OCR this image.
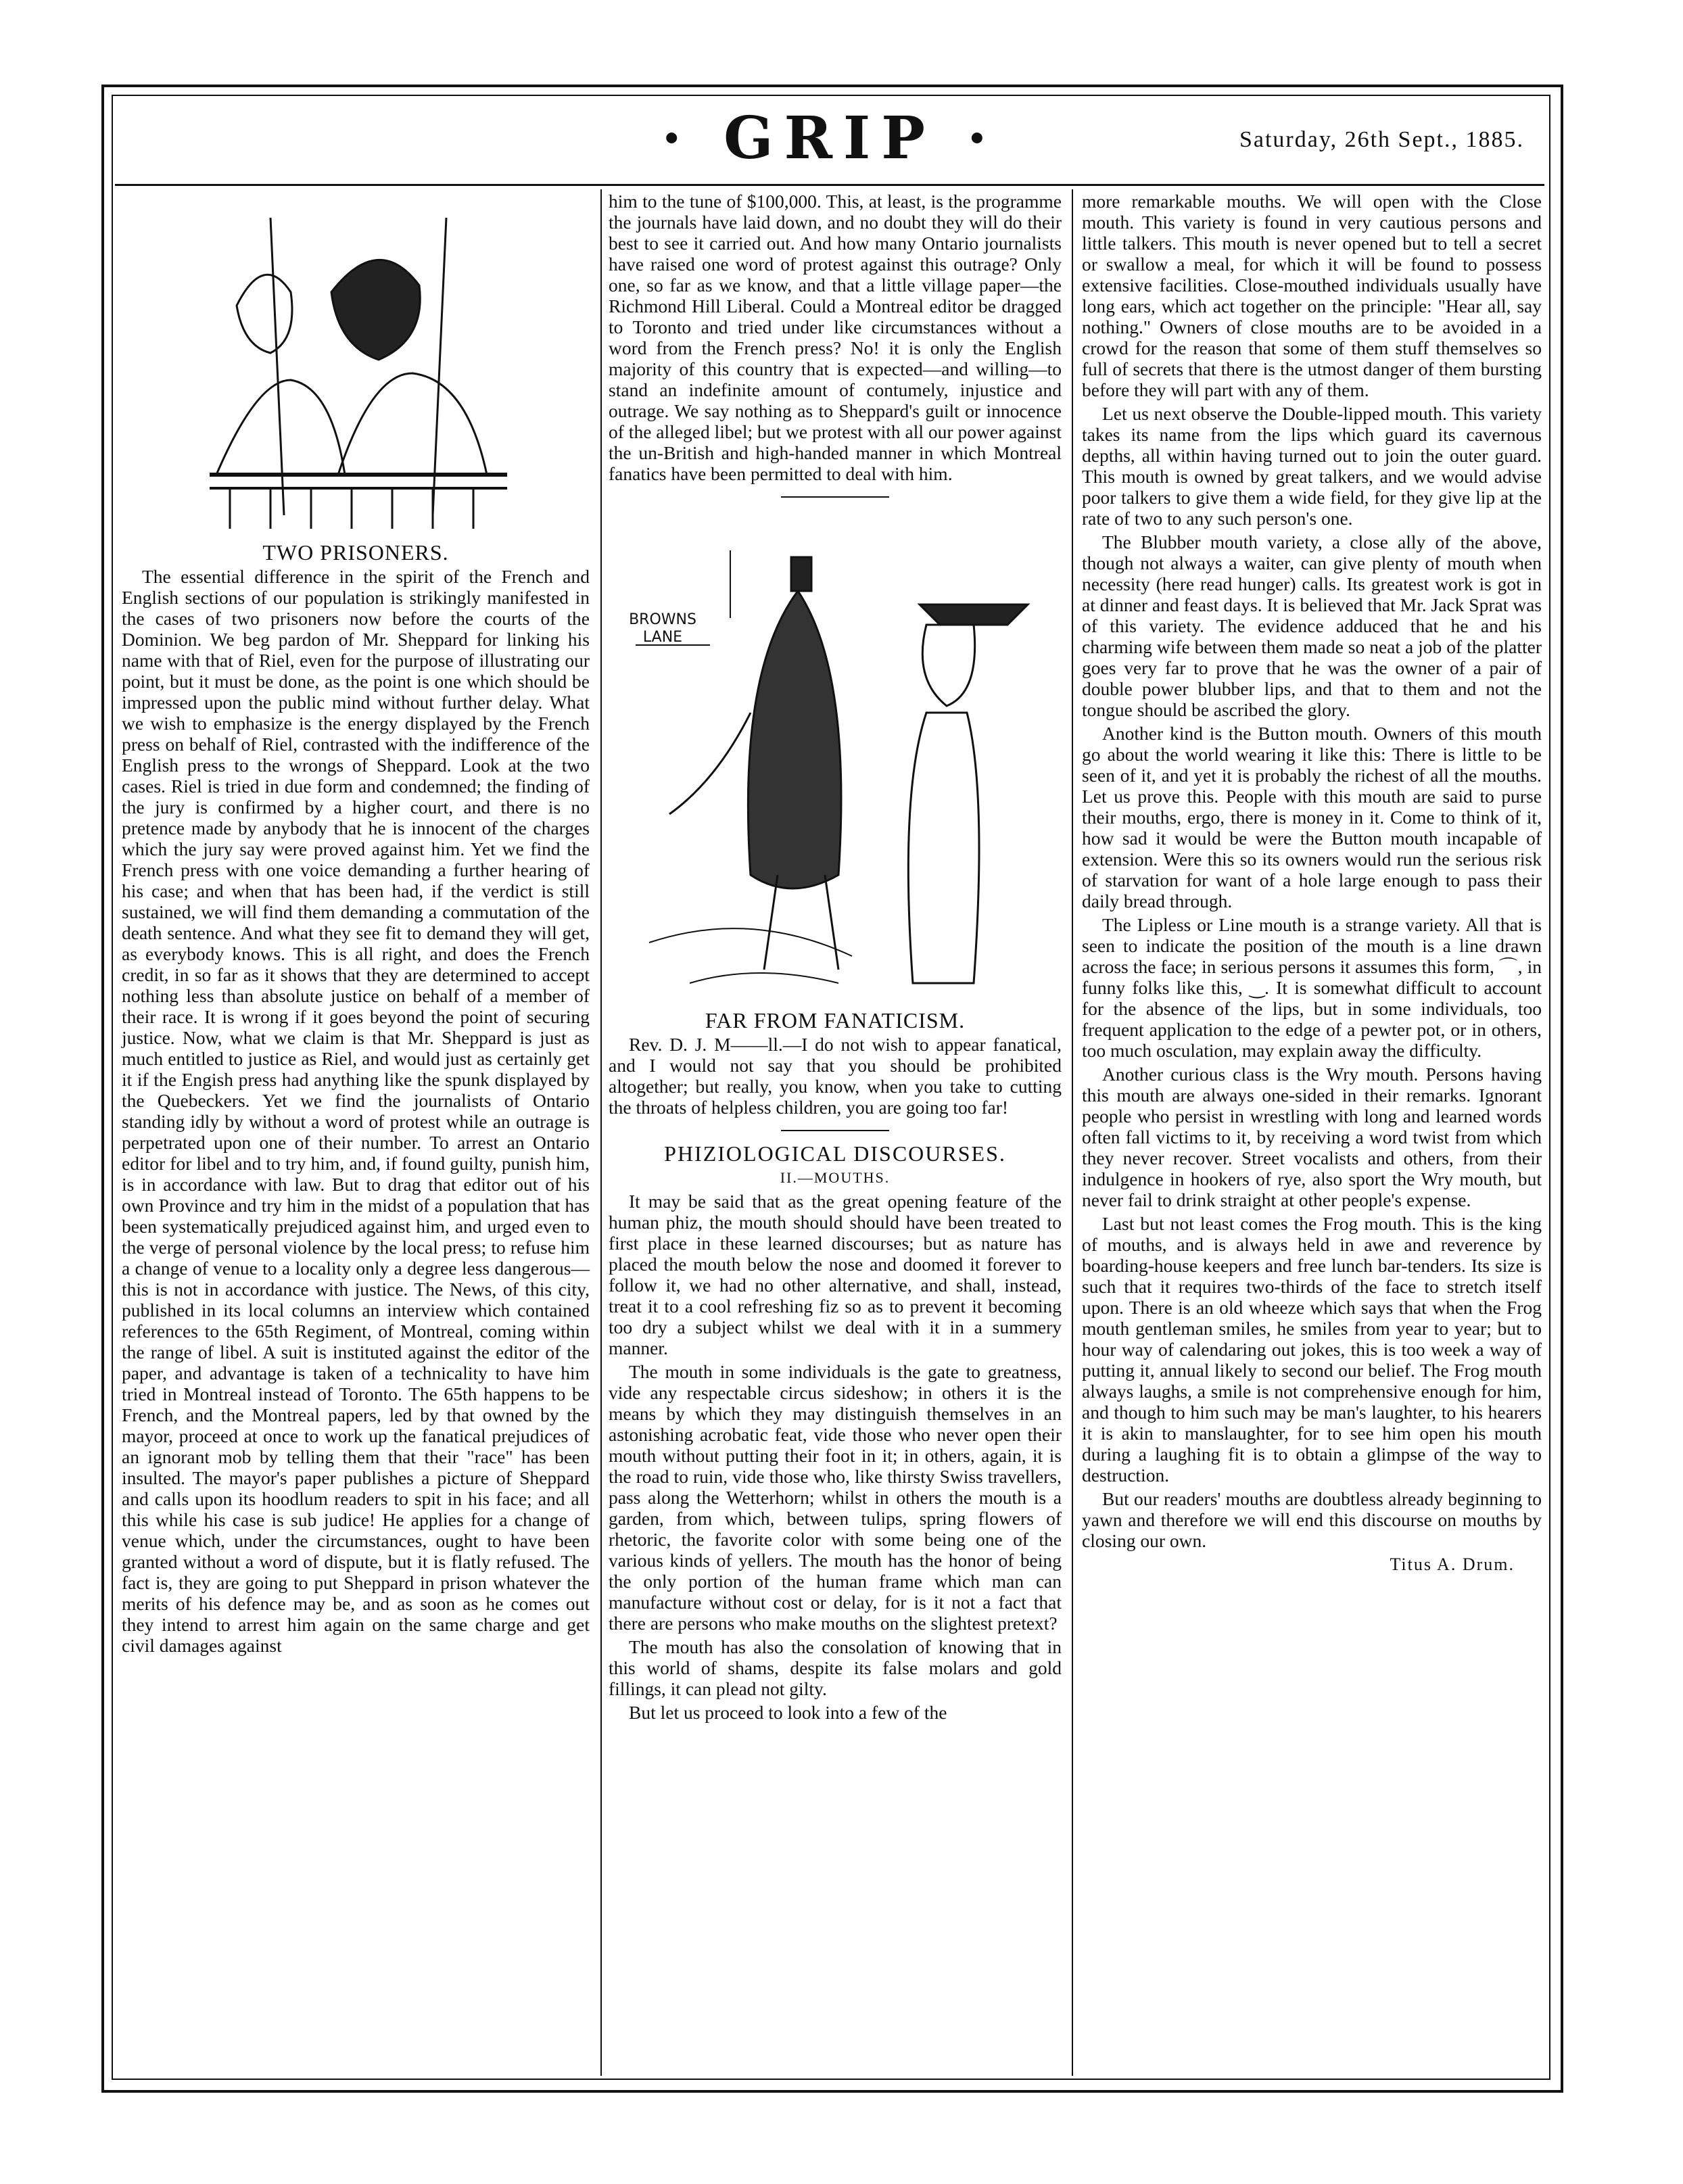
· GRIP ·	Saturday, 26th Sept., 1885.

TWO PRISONERS.

The essential difference in the spirit of the French and English sections of our population is strikingly manifested in the cases of two prisoners now before the courts of the Dominion. We beg pardon of Mr. Sheppard for linking his name with that of Riel, even for the purpose of illustrating our point, but it must be done, as the point is one which should be impressed upon the public mind without further delay. What we wish to emphasize is the energy displayed by the French press on behalf of Riel, contrasted with the indifference of the English press to the wrongs of Sheppard. Look at the two cases. Riel is tried in due form and condemned; the finding of the jury is confirmed by a higher court, and there is no pretence made by anybody that he is innocent of the charges which the jury say were proved against him. Yet we find the French press with one voice demanding a further hearing of his case; and when that has been had, if the verdict is still sustained, we will find them demanding a commutation of the death sentence. And what they see fit to demand they will get, as everybody knows. This is all right, and does the French credit, in so far as it shows that they are determined to accept nothing less than absolute justice on behalf of a member of their race. It is wrong if it goes beyond the point of securing justice. Now, what we claim is that Mr. Sheppard is just as much entitled to justice as Riel, and would just as certainly get it if the Engish press had anything like the spunk displayed by the Quebeckers. Yet we find the journalists of Ontario standing idly by without a word of protest while an outrage is perpetrated upon one of their number. To arrest an Ontario editor for libel and to try him, and, if found guilty, punish him, is in accordance with law. But to drag that editor out of his own Province and try him in the midst of a population that has been systematically prejudiced against him, and urged even to the verge of personal violence by the local press; to refuse him a change of venue to a locality only a degree less dangerous—this is not in accordance with justice. The News, of this city, published in its local columns an interview which contained references to the 65th Regiment, of Montreal, coming within the range of libel. A suit is instituted against the editor of the paper, and advantage is taken of a technicality to have him tried in Montreal instead of Toronto. The 65th happens to be French, and the Montreal papers, led by that owned by the mayor, proceed at once to work up the fanatical prejudices of an ignorant mob by telling them that their "race" has been insulted. The mayor's paper publishes a picture of Sheppard and calls upon its hoodlum readers to spit in his face; and all this while his case is sub judice! He applies for a change of venue which, under the circumstances, ought to have been granted without a word of dispute, but it is flatly refused. The fact is, they are going to put Sheppard in prison whatever the merits of his defence may be, and as soon as he comes out they intend to arrest him again on the same charge and get civil damages against

him to the tune of $100,000. This, at least, is the programme the journals have laid down, and no doubt they will do their best to see it carried out. And how many Ontario journalists have raised one word of protest against this outrage? Only one, so far as we know, and that a little village paper—the Richmond Hill Liberal. Could a Montreal editor be dragged to Toronto and tried under like circumstances without a word from the French press? No! it is only the English majority of this country that is expected—and willing—to stand an indefinite amount of contumely, injustice and outrage. We say nothing as to Sheppard's guilt or innocence of the alleged libel; but we protest with all our power against the un-British and high-handed manner in which Montreal fanatics have been permitted to deal with him.

BROWNS LANE

FAR FROM FANATICISM.

Rev. D. J. M——ll.—I do not wish to appear fanatical, and I would not say that you should be prohibited altogether; but really, you know, when you take to cutting the throats of helpless children, you are going too far!

PHIZIOLOGICAL DISCOURSES.

II.—MOUTHS.

It may be said that as the great opening feature of the human phiz, the mouth should should have been treated to first place in these learned discourses; but as nature has placed the mouth below the nose and doomed it forever to follow it, we had no other alternative, and shall, instead, treat it to a cool refreshing fiz so as to prevent it becoming too dry a subject whilst we deal with it in a summery manner.

The mouth in some individuals is the gate to greatness, vide any respectable circus sideshow; in others it is the means by which they may distinguish themselves in an astonishing acrobatic feat, vide those who never open their mouth without putting their foot in it; in others, again, it is the road to ruin, vide those who, like thirsty Swiss travellers, pass along the Wetterhorn; whilst in others the mouth is a garden, from which, between tulips, spring flowers of rhetoric, the favorite color with some being one of the various kinds of yellers. The mouth has the honor of being the only portion of the human frame which man can manufacture without cost or delay, for is it not a fact that there are persons who make mouths on the slightest pretext?

The mouth has also the consolation of knowing that in this world of shams, despite its false molars and gold fillings, it can plead not gilty.

But let us proceed to look into a few of the

more remarkable mouths. We will open with the Close mouth. This variety is found in very cautious persons and little talkers. This mouth is never opened but to tell a secret or swallow a meal, for which it will be found to possess extensive facilities. Close-mouthed individuals usually have long ears, which act together on the principle: "Hear all, say nothing." Owners of close mouths are to be avoided in a crowd for the reason that some of them stuff themselves so full of secrets that there is the utmost danger of them bursting before they will part with any of them.

Let us next observe the Double-lipped mouth. This variety takes its name from the lips which guard its cavernous depths, all within having turned out to join the outer guard. This mouth is owned by great talkers, and we would advise poor talkers to give them a wide field, for they give lip at the rate of two to any such person's one.

The Blubber mouth variety, a close ally of the above, though not always a waiter, can give plenty of mouth when necessity (here read hunger) calls. Its greatest work is got in at dinner and feast days. It is believed that Mr. Jack Sprat was of this variety. The evidence adduced that he and his charming wife between them made so neat a job of the platter goes very far to prove that he was the owner of a pair of double power blubber lips, and that to them and not the tongue should be ascribed the glory.

Another kind is the Button mouth. Owners of this mouth go about the world wearing it like this: There is little to be seen of it, and yet it is probably the richest of all the mouths. Let us prove this. People with this mouth are said to purse their mouths, ergo, there is money in it. Come to think of it, how sad it would be were the Button mouth incapable of extension. Were this so its owners would run the serious risk of starvation for want of a hole large enough to pass their daily bread through.

The Lipless or Line mouth is a strange variety. All that is seen to indicate the position of the mouth is a line drawn across the face; in serious persons it assumes this form, ⌒, in funny folks like this, ‿. It is somewhat difficult to account for the absence of the lips, but in some individuals, too frequent application to the edge of a pewter pot, or in others, too much osculation, may explain away the difficulty.

Another curious class is the Wry mouth. Persons having this mouth are always one-sided in their remarks. Ignorant people who persist in wrestling with long and learned words often fall victims to it, by receiving a word twist from which they never recover. Street vocalists and others, from their indulgence in hookers of rye, also sport the Wry mouth, but never fail to drink straight at other people's expense.

Last but not least comes the Frog mouth. This is the king of mouths, and is always held in awe and reverence by boarding-house keepers and free lunch bar-tenders. Its size is such that it requires two-thirds of the face to stretch itself upon. There is an old wheeze which says that when the Frog mouth gentleman smiles, he smiles from year to year; but to hour way of calendaring out jokes, this is too week a way of putting it, annual likely to second our belief. The Frog mouth always laughs, a smile is not comprehensive enough for him, and though to him such may be man's laughter, to his hearers it is akin to manslaughter, for to see him open his mouth during a laughing fit is to obtain a glimpse of the way to destruction.

But our readers' mouths are doubtless already beginning to yawn and therefore we will end this discourse on mouths by closing our own.

Titus A. Drum.
